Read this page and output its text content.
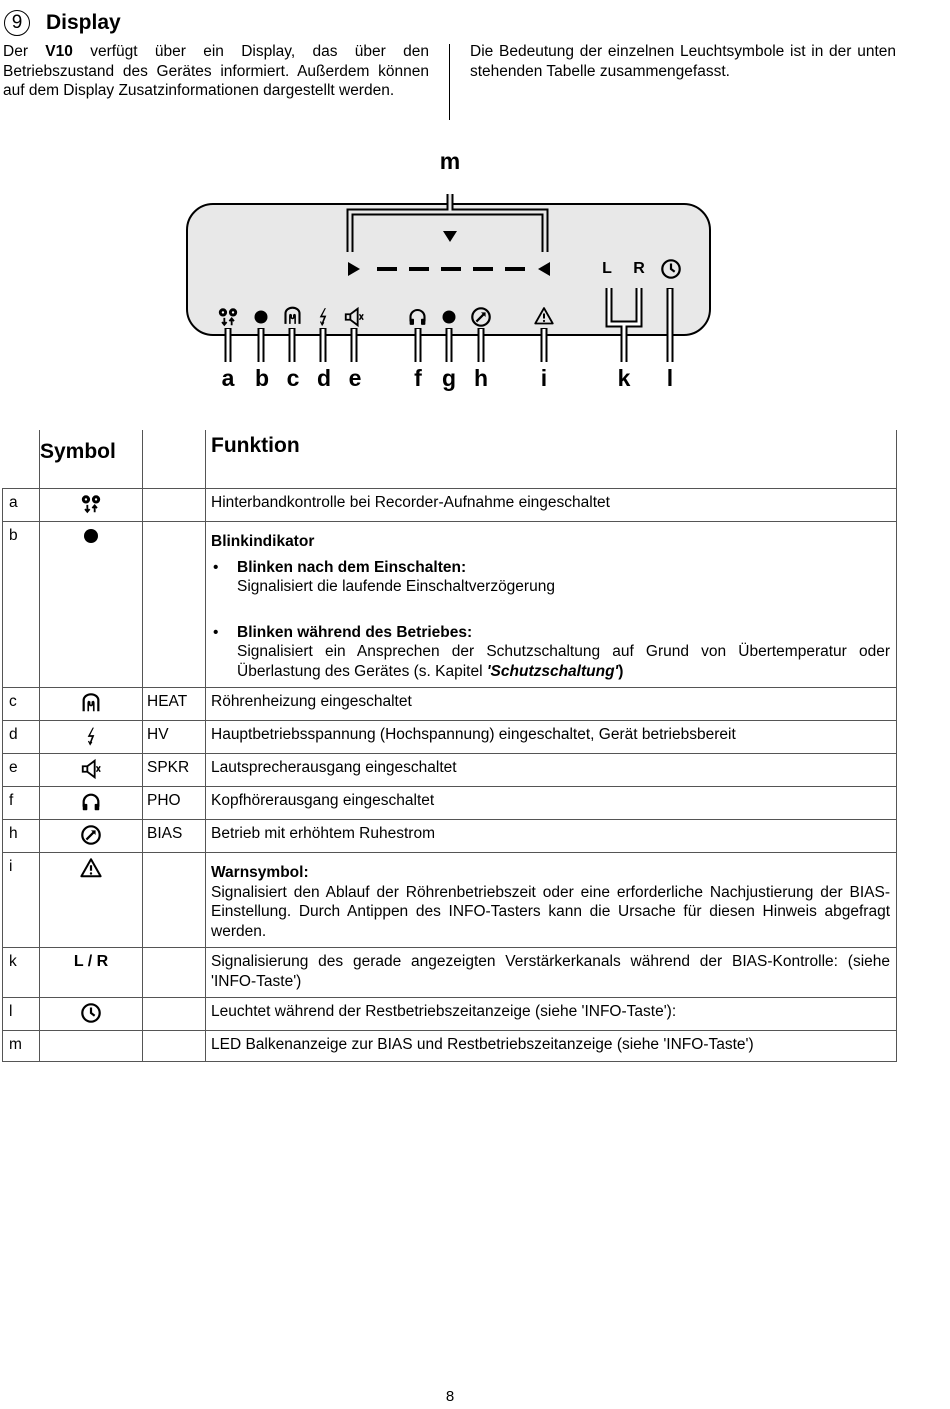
9	Display
Der V10 verfügt über ein Display, das über den Betriebszustand des Gerätes informiert. Außerdem können auf dem Display Zusatzinformationen dargestellt werden.
Die Bedeutung der einzelnen Leuchtsymbole ist in der unten stehenden Tabelle zusammengefasst.
m
L R
a b c d e f g h i	k l
	Symbol		Funktion
a			Hinterbandkontrolle bei Recorder-Aufnahme eingeschaltet
b			Blinkindikator
• Blinken nach dem Einschalten:
Signalisiert die laufende Einschaltverzögerung
• Blinken während des Betriebes:
Signalisiert ein Ansprechen der Schutzschaltung auf Grund von Übertemperatur oder Überlastung des Gerätes (s. Kapitel 'Schutzschaltung')

c		HEAT	Röhrenheizung eingeschaltet
d		HV	Hauptbetriebsspannung (Hochspannung) eingeschaltet, Gerät betriebsbereit
e		SPKR	Lautsprecherausgang eingeschaltet
f		PHO	Kopfhörerausgang eingeschaltet
h		BIAS	Betrieb mit erhöhtem Ruhestrom
i			Warnsymbol:
Signalisiert den Ablauf der Röhrenbetriebszeit oder eine erforderliche Nachjustierung der BIAS-Einstellung. Durch Antippen des INFO-Tasters kann die Ursache für diesen Hinweis abgefragt werden.

k	L / R		Signalisierung des gerade angezeigten Verstärkerkanals während der BIAS-Kontrolle: (siehe 'INFO-Taste')
l			Leuchtet während der Restbetriebszeitanzeige (siehe 'INFO-Taste'):
m			LED Balkenanzeige zur BIAS und Restbetriebszeitanzeige (siehe 'INFO-Taste')
8
